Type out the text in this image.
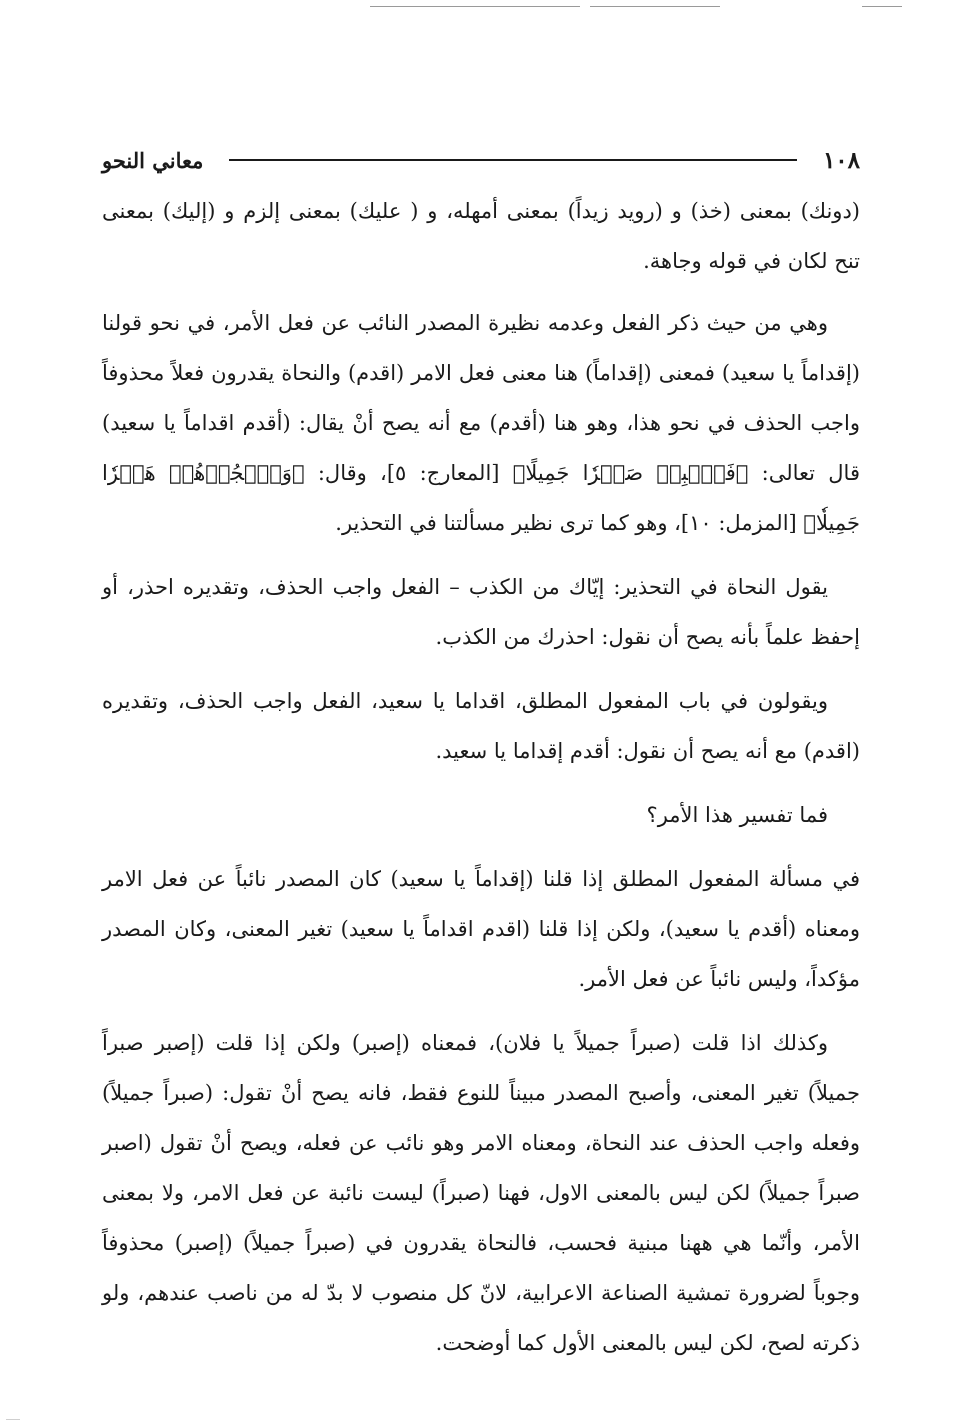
١٠٨
معاني النحو

(دونك) بمعنى (خذ) و (رويد زيداً) بمعنى أمهله، و ( عليك) بمعنى إلزم و (إليك) بمعنى تنح لكان في قوله وجاهة.

وهي من حيث ذكر الفعل وعدمه نظيرة المصدر النائب عن فعل الأمر، في نحو قولنا (إقداماً يا سعيد) فمعنى (إقداماً) هنا معنى فعل الامر (اقدم) والنحاة يقدرون فعلاً محذوفاً واجب الحذف في نحو هذا، وهو هنا (أقدم) مع أنه يصح أنْ يقال: (أقدم اقداماً يا سعيد) قال تعالى: ﴿فَٱصۡبِرۡ صَبۡرٗا جَمِيلًا﴾ [المعارج: ٥]، وقال: ﴿وَٱهۡجُرۡهُمۡ هَجۡرٗا جَمِيلٗا﴾ [المزمل: ١٠]، وهو كما ترى نظير مسألتنا في التحذير.

يقول النحاة في التحذير: إيّاك من الكذب – الفعل واجب الحذف، وتقديره احذر، أو إحفظ علماً بأنه يصح أن نقول: احذرك من الكذب.

ويقولون في باب المفعول المطلق، اقداما يا سعيد، الفعل واجب الحذف، وتقديره (اقدم) مع أنه يصح أن نقول: أقدم إقداما يا سعيد.

فما تفسير هذا الأمر؟

في مسألة المفعول المطلق إذا قلنا (إقداماً يا سعيد) كان المصدر نائباً عن فعل الامر ومعناه (أقدم يا سعيد)، ولكن إذا قلنا (اقدم اقداماً يا سعيد) تغير المعنى، وكان المصدر مؤكداً، وليس نائباً عن فعل الأمر.

وكذلك اذا قلت (صبراً جميلاً يا فلان)، فمعناه (إصبر) ولكن إذا قلت (إصبر صبراً جميلاً) تغير المعنى، وأصبح المصدر مبيناً للنوع فقط، فانه يصح أنْ تقول: (صبراً جميلاً) وفعله واجب الحذف عند النحاة، ومعناه الامر وهو نائب عن فعله، ويصح أنْ تقول (اصبر صبراً جميلاً) لكن ليس بالمعنى الاول، فهنا (صبراً) ليست نائبة عن فعل الامر، ولا بمعنى الأمر، وأنّما هي ههنا مبنية فحسب، فالنحاة يقدرون في (صبراً جميلاً) (إصبر) محذوفاً وجوباً لضرورة تمشية الصناعة الاعرابية، لانّ كل منصوب لا بدّ له من ناصب عندهم، ولو ذكرته لصح، لكن ليس بالمعنى الأول كما أوضحت.
